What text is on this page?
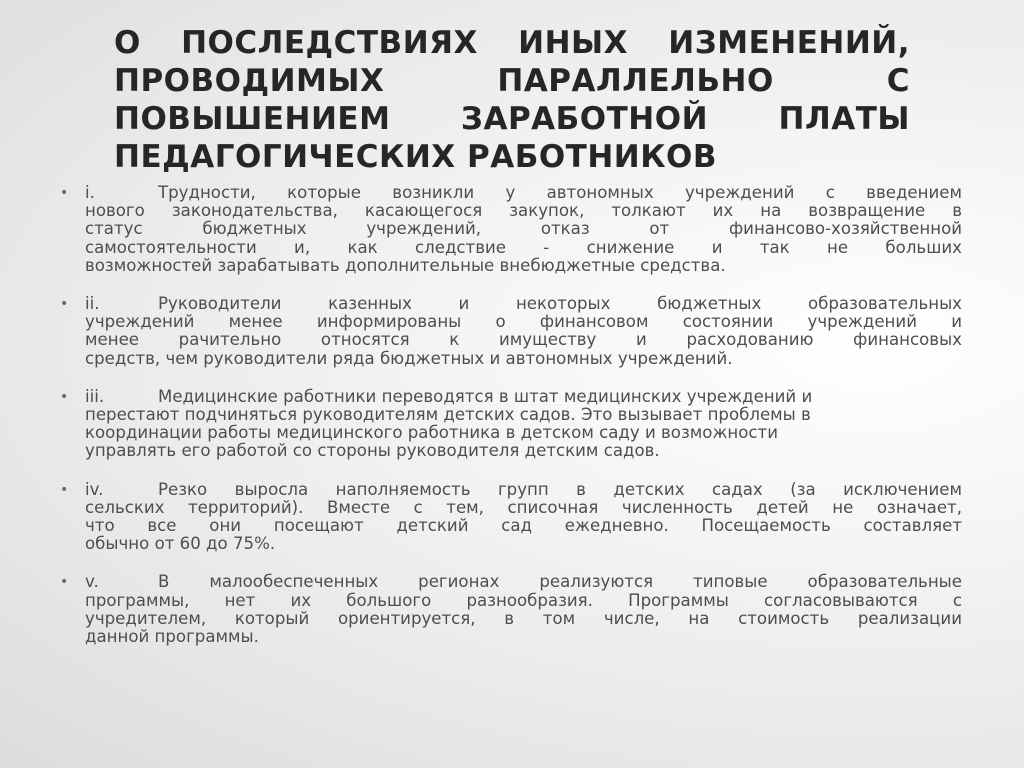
О ПОСЛЕДСТВИЯХ ИНЫХ ИЗМЕНЕНИЙ,
ПРОВОДИМЫХ ПАРАЛЛЕЛЬНО С
ПОВЫШЕНИЕМ ЗАРАБОТНОЙ ПЛАТЫ
ПЕДАГОГИЧЕСКИХ РАБОТНИКОВ
• i.	Трудности, которые возникли у автономных учреждений с введением
нового законодательства, касающегося закупок, толкают их на возвращение в
статус бюджетных учреждений, отказ от финансово-хозяйственной
самостоятельности и, как следствие - снижение и так не больших
возможностей зарабатывать дополнительные внебюджетные средства.
• ii.	Руководители казенных и некоторых бюджетных образовательных
учреждений менее информированы о финансовом состоянии учреждений и
менее рачительно относятся к имуществу и расходованию финансовых
средств, чем руководители ряда бюджетных и автономных учреждений.
• iii.	Медицинские работники переводятся в штат медицинских учреждений и
перестают подчиняться руководителям детских садов. Это вызывает проблемы в
координации работы медицинского работника в детском саду и возможности
управлять его работой со стороны руководителя детским садов.
• iv.	Резко выросла наполняемость групп в детских садах (за исключением
сельских территорий). Вместе с тем, списочная численность детей не означает,
что все они посещают детский сад ежедневно. Посещаемость составляет
обычно от 60 до 75%.
• v.	В малообеспеченных регионах реализуются типовые образовательные
программы, нет их большого разнообразия. Программы согласовываются с
учредителем, который ориентируется, в том числе, на стоимость реализации
данной программы.
